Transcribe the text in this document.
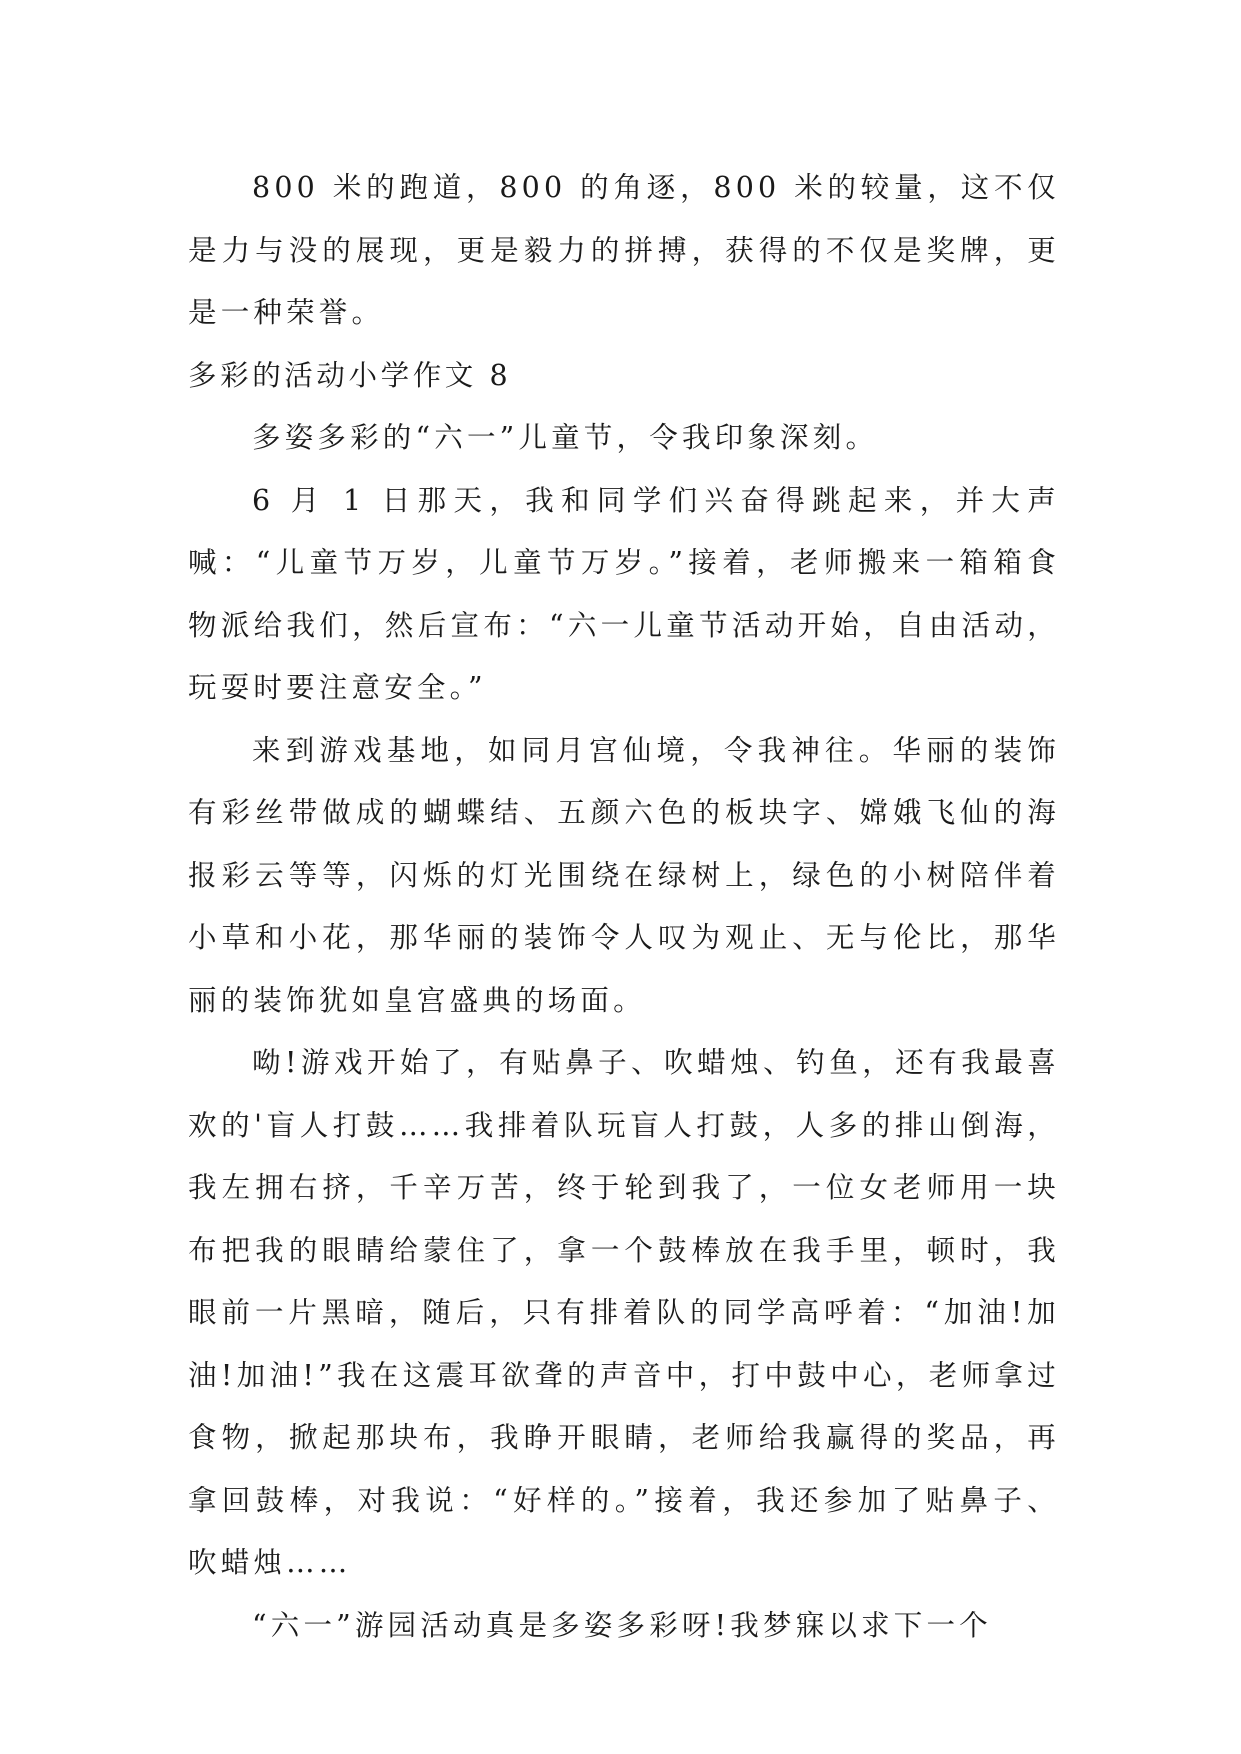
800 米的跑道，800 的角逐，800 米的较量，这不仅是力与没的展现，更是毅力的拼搏，获得的不仅是奖牌，更是一种荣誉。

多彩的活动小学作文 8

多姿多彩的“六一”儿童节，令我印象深刻。

6 月 1 日那天，我和同学们兴奋得跳起来，并大声喊：“儿童节万岁，儿童节万岁。”接着，老师搬来一箱箱食物派给我们，然后宣布：“六一儿童节活动开始，自由活动，玩耍时要注意安全。”

来到游戏基地，如同月宫仙境，令我神往。华丽的装饰有彩丝带做成的蝴蝶结、五颜六色的板块字、嫦娥飞仙的海报彩云等等，闪烁的灯光围绕在绿树上，绿色的小树陪伴着小草和小花，那华丽的装饰令人叹为观止、无与伦比，那华丽的装饰犹如皇宫盛典的场面。

呦!游戏开始了，有贴鼻子、吹蜡烛、钓鱼，还有我最喜欢的'盲人打鼓……我排着队玩盲人打鼓，人多的排山倒海，我左拥右挤，千辛万苦，终于轮到我了，一位女老师用一块布把我的眼睛给蒙住了，拿一个鼓棒放在我手里，顿时，我眼前一片黑暗，随后，只有排着队的同学高呼着：“加油!加油!加油!”我在这震耳欲聋的声音中，打中鼓中心，老师拿过食物，掀起那块布，我睁开眼睛，老师给我赢得的奖品，再拿回鼓棒，对我说：“好样的。”接着，我还参加了贴鼻子、吹蜡烛……

“六一”游园活动真是多姿多彩呀!我梦寐以求下一个
